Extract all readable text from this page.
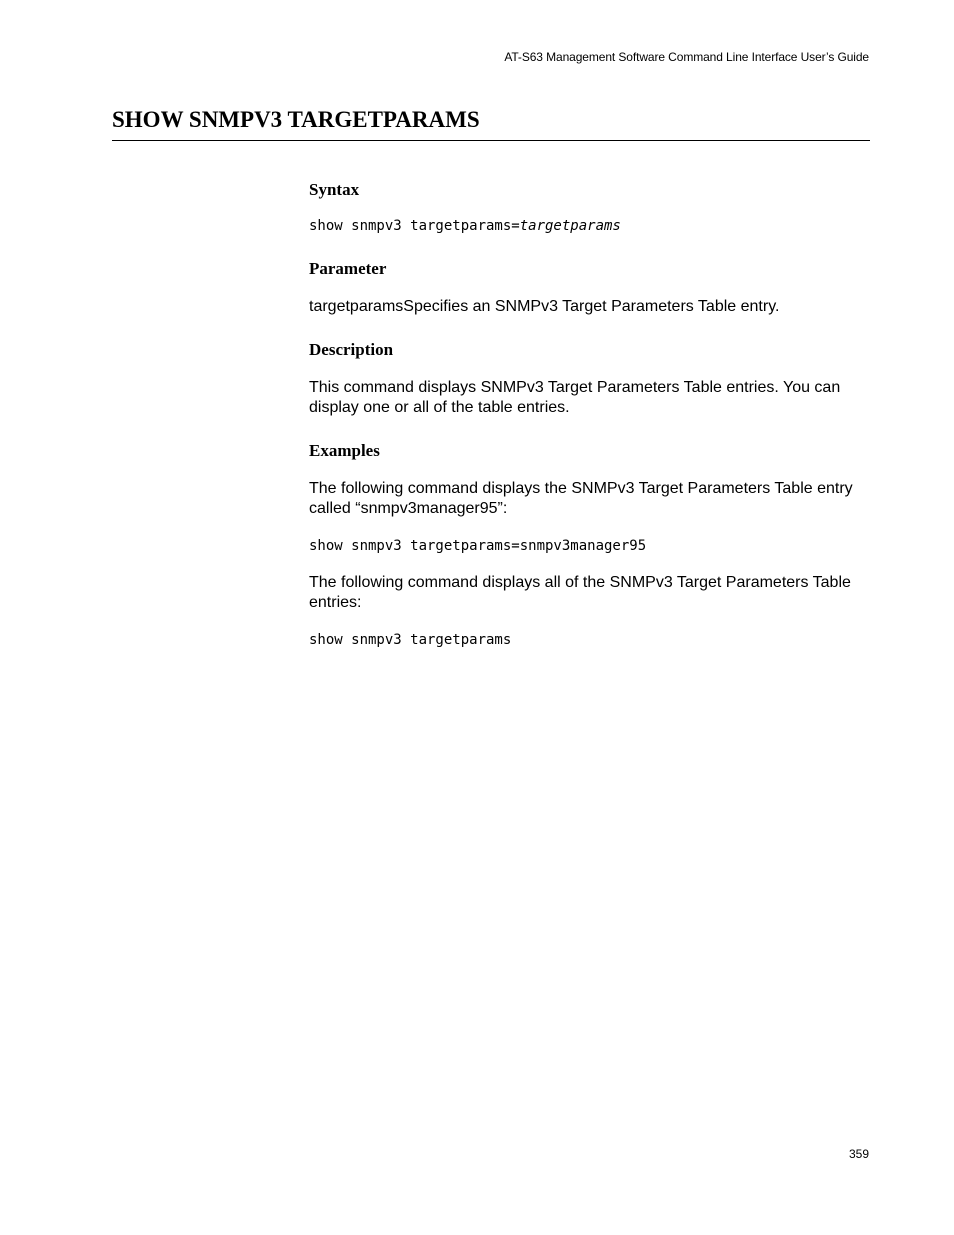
AT-S63 Management Software Command Line Interface User’s Guide
SHOW SNMPV3 TARGETPARAMS
Syntax

show snmpv3 targetparams=targetparams

Parameter

targetparamsSpecifies an SNMPv3 Target Parameters Table entry.

Description

This command displays SNMPv3 Target Parameters Table entries. You can display one or all of the table entries.

Examples

The following command displays the SNMPv3 Target Parameters Table entry called “snmpv3manager95”:

show snmpv3 targetparams=snmpv3manager95

The following command displays all of the SNMPv3 Target Parameters Table entries:

show snmpv3 targetparams

359
